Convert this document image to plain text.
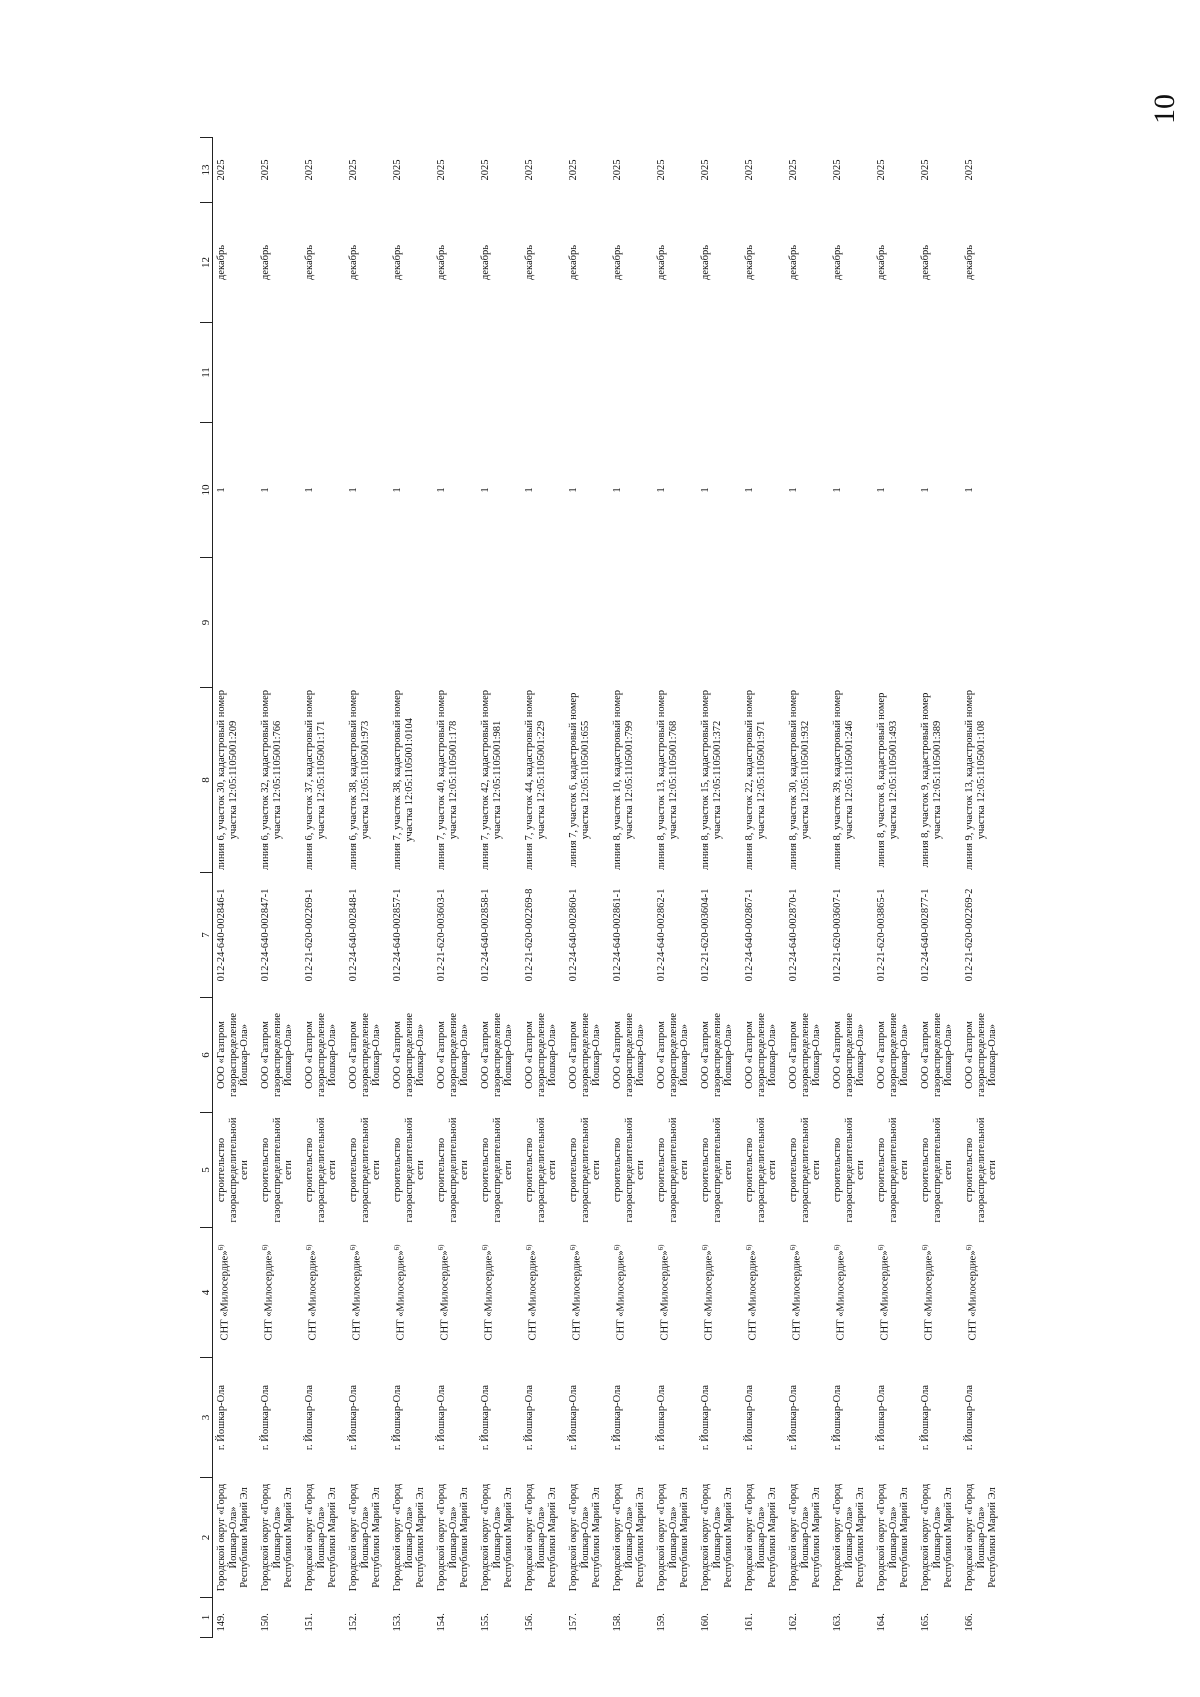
10
1	2	3	4	5	6	7	8	9	10	11	12	13
149.	Городской округ «Город Йошкар-Ола» Республики Марий Эл	г. Йошкар-Ола	СНТ «Милосердие»$^{6)}$	строительство газораспределительной сети	ООО «Газпром газораспределение Йошкар-Ола»	012-24-640-002846-1	линия 6, участок 30, кадастровый номер участка 12:05:1105001:209		1		декабрь	2025
150.	Городской округ «Город Йошкар-Ола» Республики Марий Эл	г. Йошкар-Ола	СНТ «Милосердие»$^{6)}$	строительство газораспределительной сети	ООО «Газпром газораспределение Йошкар-Ола»	012-24-640-002847-1	линия 6, участок 32, кадастровый номер участка 12:05:1105001:766		1		декабрь	2025
151.	Городской округ «Город Йошкар-Ола» Республики Марий Эл	г. Йошкар-Ола	СНТ «Милосердие»$^{6)}$	строительство газораспределительной сети	ООО «Газпром газораспределение Йошкар-Ола»	012-21-620-002269-1	линия 6, участок 37, кадастровый номер участка 12:05:1105001:171		1		декабрь	2025
152.	Городской округ «Город Йошкар-Ола» Республики Марий Эл	г. Йошкар-Ола	СНТ «Милосердие»$^{6)}$	строительство газораспределительной сети	ООО «Газпром газораспределение Йошкар-Ола»	012-24-640-002848-1	линия 6, участок 38, кадастровый номер участка 12:05:1105001:973		1		декабрь	2025
153.	Городской округ «Город Йошкар-Ола» Республики Марий Эл	г. Йошкар-Ола	СНТ «Милосердие»$^{6)}$	строительство газораспределительной сети	ООО «Газпром газораспределение Йошкар-Ола»	012-24-640-002857-1	линия 7, участок 38, кадастровый номер участка 12:05:1105001:0104		1		декабрь	2025
154.	Городской округ «Город Йошкар-Ола» Республики Марий Эл	г. Йошкар-Ола	СНТ «Милосердие»$^{6)}$	строительство газораспределительной сети	ООО «Газпром газораспределение Йошкар-Ола»	012-21-620-003603-1	линия 7, участок 40, кадастровый номер участка 12:05:1105001:178		1		декабрь	2025
155.	Городской округ «Город Йошкар-Ола» Республики Марий Эл	г. Йошкар-Ола	СНТ «Милосердие»$^{6)}$	строительство газораспределительной сети	ООО «Газпром газораспределение Йошкар-Ола»	012-24-640-002858-1	линия 7, участок 42, кадастровый номер участка 12:05:1105001:981		1		декабрь	2025
156.	Городской округ «Город Йошкар-Ола» Республики Марий Эл	г. Йошкар-Ола	СНТ «Милосердие»$^{6)}$	строительство газораспределительной сети	ООО «Газпром газораспределение Йошкар-Ола»	012-21-620-002269-8	линия 7, участок 44, кадастровый номер участка 12:05:1105001:229		1		декабрь	2025
157.	Городской округ «Город Йошкар-Ола» Республики Марий Эл	г. Йошкар-Ола	СНТ «Милосердие»$^{6)}$	строительство газораспределительной сети	ООО «Газпром газораспределение Йошкар-Ола»	012-24-640-002860-1	линия 7, участок 6, кадастровый номер участка 12:05:1105001:655		1		декабрь	2025
158.	Городской округ «Город Йошкар-Ола» Республики Марий Эл	г. Йошкар-Ола	СНТ «Милосердие»$^{6)}$	строительство газораспределительной сети	ООО «Газпром газораспределение Йошкар-Ола»	012-24-640-002861-1	линия 8, участок 10, кадастровый номер участка 12:05:1105001:799		1		декабрь	2025
159.	Городской округ «Город Йошкар-Ола» Республики Марий Эл	г. Йошкар-Ола	СНТ «Милосердие»$^{6)}$	строительство газораспределительной сети	ООО «Газпром газораспределение Йошкар-Ола»	012-24-640-002862-1	линия 8, участок 13, кадастровый номер участка 12:05:1105001:768		1		декабрь	2025
160.	Городской округ «Город Йошкар-Ола» Республики Марий Эл	г. Йошкар-Ола	СНТ «Милосердие»$^{6)}$	строительство газораспределительной сети	ООО «Газпром газораспределение Йошкар-Ола»	012-21-620-003604-1	линия 8, участок 15, кадастровый номер участка 12:05:1105001:372		1		декабрь	2025
161.	Городской округ «Город Йошкар-Ола» Республики Марий Эл	г. Йошкар-Ола	СНТ «Милосердие»$^{6)}$	строительство газораспределительной сети	ООО «Газпром газораспределение Йошкар-Ола»	012-24-640-002867-1	линия 8, участок 22, кадастровый номер участка 12:05:1105001:971		1		декабрь	2025
162.	Городской округ «Город Йошкар-Ола» Республики Марий Эл	г. Йошкар-Ола	СНТ «Милосердие»$^{6)}$	строительство газораспределительной сети	ООО «Газпром газораспределение Йошкар-Ола»	012-24-640-002870-1	линия 8, участок 30, кадастровый номер участка 12:05:1105001:932		1		декабрь	2025
163.	Городской округ «Город Йошкар-Ола» Республики Марий Эл	г. Йошкар-Ола	СНТ «Милосердие»$^{6)}$	строительство газораспределительной сети	ООО «Газпром газораспределение Йошкар-Ола»	012-21-620-003607-1	линия 8, участок 39, кадастровый номер участка 12:05:1105001:246		1		декабрь	2025
164.	Городской округ «Город Йошкар-Ола» Республики Марий Эл	г. Йошкар-Ола	СНТ «Милосердие»$^{6)}$	строительство газораспределительной сети	ООО «Газпром газораспределение Йошкар-Ола»	012-21-620-003865-1	линия 8, участок 8, кадастровый номер участка 12:05:1105001:493		1		декабрь	2025
165.	Городской округ «Город Йошкар-Ола» Республики Марий Эл	г. Йошкар-Ола	СНТ «Милосердие»$^{6)}$	строительство газораспределительной сети	ООО «Газпром газораспределение Йошкар-Ола»	012-24-640-002877-1	линия 8, участок 9, кадастровый номер участка 12:05:1105001:389		1		декабрь	2025
166.	Городской округ «Город Йошкар-Ола» Республики Марий Эл	г. Йошкар-Ола	СНТ «Милосердие»$^{6)}$	строительство газораспределительной сети	ООО «Газпром газораспределение Йошкар-Ола»	012-21-620-002269-2	линия 9, участок 13, кадастровый номер участка 12:05:1105001:108		1		декабрь	2025
